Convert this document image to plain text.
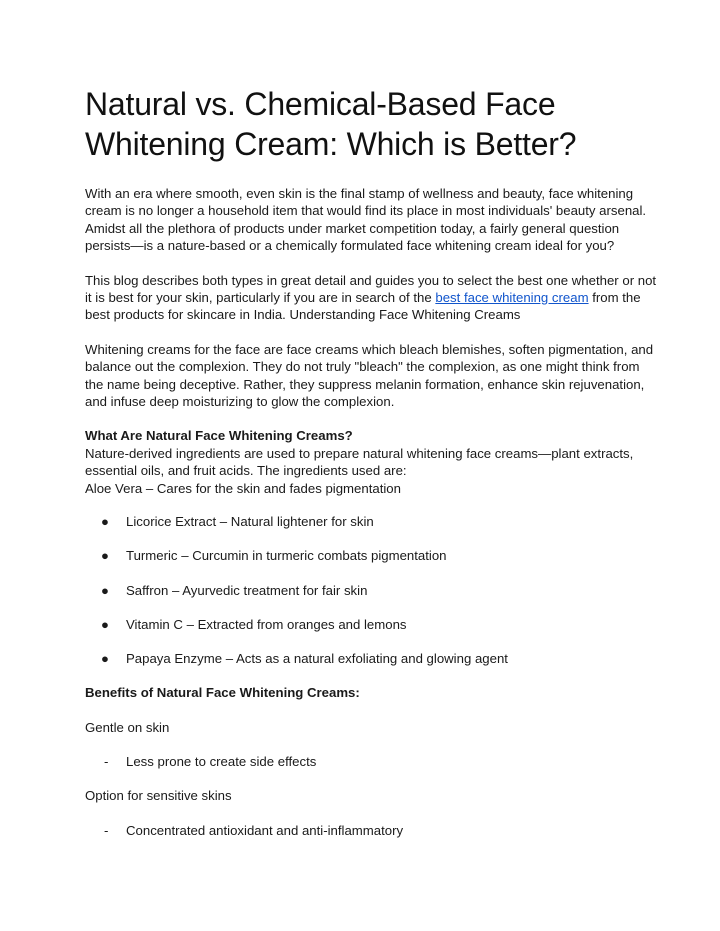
Natural vs. Chemical-Based Face Whitening Cream: Which is Better?

With an era where smooth, even skin is the final stamp of wellness and beauty, face whitening cream is no longer a household item that would find its place in most individuals' beauty arsenal. Amidst all the plethora of products under market competition today, a fairly general question persists—is a nature-based or a chemically formulated face whitening cream ideal for you?

This blog describes both types in great detail and guides you to select the best one whether or not it is best for your skin, particularly if you are in search of the best face whitening cream from the best products for skincare in India. Understanding Face Whitening Creams

Whitening creams for the face are face creams which bleach blemishes, soften pigmentation, and balance out the complexion. They do not truly "bleach" the complexion, as one might think from the name being deceptive. Rather, they suppress melanin formation, enhance skin rejuvenation, and infuse deep moisturizing to glow the complexion.

What Are Natural Face Whitening Creams?

Nature-derived ingredients are used to prepare natural whitening face creams—plant extracts, essential oils, and fruit acids. The ingredients used are:

Aloe Vera – Cares for the skin and fades pigmentation

●	Licorice Extract – Natural lightener for skin
●	Turmeric – Curcumin in turmeric combats pigmentation
●	Saffron – Ayurvedic treatment for fair skin
●	Vitamin C – Extracted from oranges and lemons
●	Papaya Enzyme – Acts as a natural exfoliating and glowing agent

Benefits of Natural Face Whitening Creams:

Gentle on skin

- Less prone to create side effects

Option for sensitive skins

- Concentrated antioxidant and anti-inflammatory
